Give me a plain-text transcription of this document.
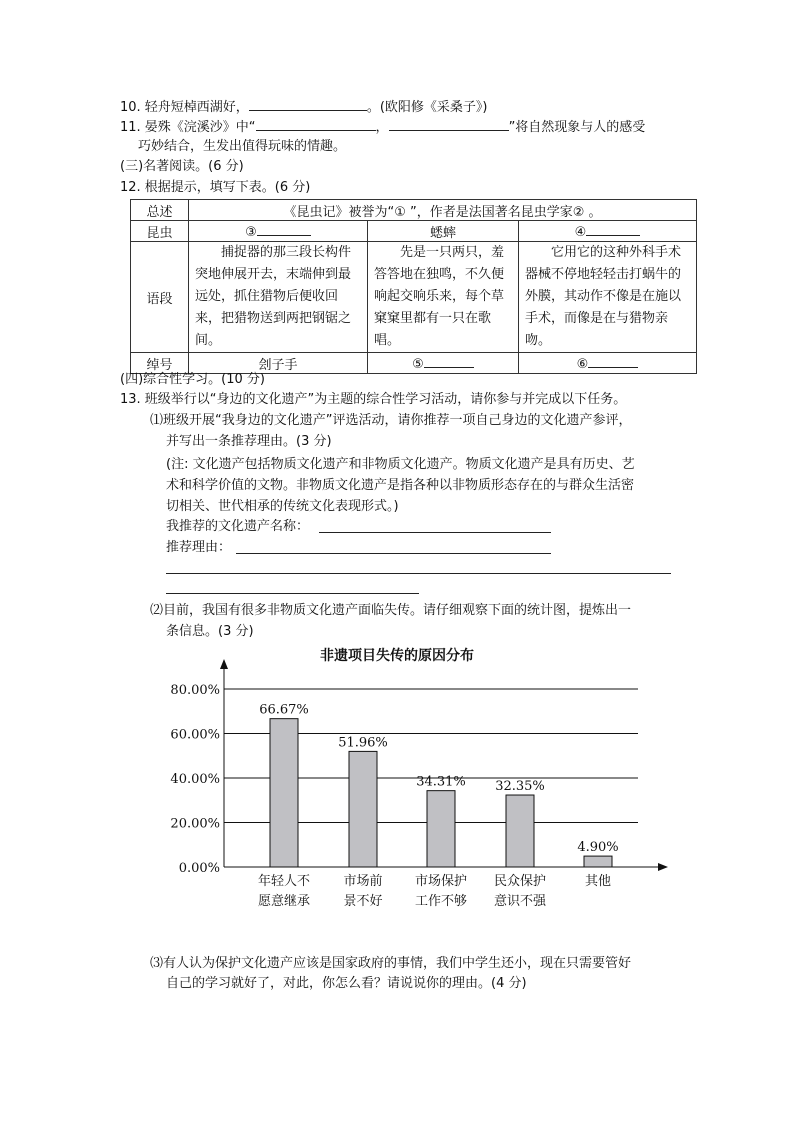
10. 轻舟短棹西湖好，	。(欧阳修《采桑子》)
11. 晏殊《浣溪沙》中“	，	”将自然现象与人的感受
巧妙结合，生发出值得玩味的情趣。
(三)名著阅读。(6 分)
12. 根据提示，填写下表。(6 分)
总述	《昆虫记》被誉为“① ”，作者是法国著名昆虫学家② 。		
昆虫	③	蟋蟀	④
语段	捕捉器的那三段长构件突地伸展开去，末端伸到最远处，抓住猎物后便收回来，把猎物送到两把钢锯之间。	先是一只两只，羞答答地在独鸣，不久便响起交响乐来，每个草窠窠里都有一只在歌唱。	它用它的这种外科手术器械不停地轻轻击打蜗牛的外膜，其动作不像是在施以手术，而像是在与猎物亲吻。
绰号	刽子手	⑤	⑥
(四)综合性学习。(10 分)
13. 班级举行以“身边的文化遗产”为主题的综合性学习活动，请你参与并完成以下任务。
⑴班级开展“我身边的文化遗产”评选活动，请你推荐一项自己身边的文化遗产参评，
并写出一条推荐理由。(3 分)
(注: 文化遗产包括物质文化遗产和非物质文化遗产。物质文化遗产是具有历史、艺
术和科学价值的文物。非物质文化遗产是指各种以非物质形态存在的与群众生活密
切相关、世代相承的传统文化表现形式。)
我推荐的文化遗产名称：
推荐理由：
⑵目前，我国有很多非物质文化遗产面临失传。请仔细观察下面的统计图，提炼出一
条信息。(3 分)
非遗项目失传的原因分布
0.00%
20.00%
40.00%
60.00%
80.00%
66.67%
年轻人不
愿意继承
51.96%
市场前
景不好
34.31%
市场保护
工作不够
32.35%
民众保护
意识不强
4.90%
其他
⑶有人认为保护文化遗产应该是国家政府的事情，我们中学生还小，现在只需要管好
自己的学习就好了，对此，你怎么看？请说说你的理由。(4 分)
